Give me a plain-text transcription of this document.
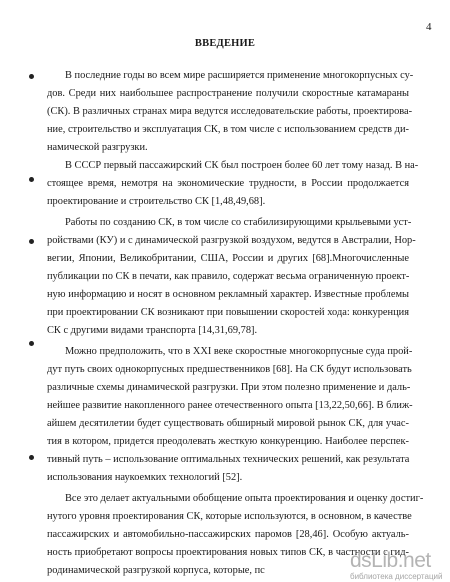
4
ВВЕДЕНИЕ
В последние годы во всем мире расширяется применение многокорпусных су-
дов. Среди них наибольшее распространение получили скоростные катамараны
(СК). В различных странах мира ведутся исследовательские работы, проектирова-
ние, строительство и эксплуатация СК, в том числе с использованием средств ди-
намической разгрузки.
В СССР первый пассажирский СК был построен более 60 лет тому назад. В на-
стоящее время, немотря на экономические трудности, в России продолжается
проектирование и строительство СК [1,48,49,68].
Работы по созданию СК, в том числе со стабилизирующими крыльевыми уст-
ройствами (КУ) и с динамической разгрузкой воздухом, ведутся в Австралии, Нор-
вегии, Японии, Великобритании, США, России и других [68].Многочисленные
публикации по СК в печати, как правило, содержат весьма ограниченную проект-
ную информацию и носят в основном рекламный характер. Известные проблемы
при проектировании СК возникают при повышении скоростей хода: конкуренция
СК с другими видами транспорта [14,31,69,78].
Можно предположить, что в XXI веке скоростные многокорпусные суда прой-
дут путь своих однокорпусных предшественников [68]. На СК будут использовать
различные схемы динамической разгрузки. При этом полезно применение и даль-
нейшее развитие накопленного ранее отечественного опыта [13,22,50,66]. В ближ-
айшем десятилетии будет существовать обширный мировой рынок СК, для учас-
тия в котором, придется преодолевать жесткую конкуренцию. Наиболее перспек-
тивный путь – использование оптимальных технических решений, как результата
использования наукоемких технологий [52].
Все это делает актуальными обобщение опыта проектирования и оценку достиг-
нутого уровня проектирования СК, которые используются, в основном, в качестве
пассажирских и автомобильно-пассажирских паромов [28,46]. Особую актуаль-
ность приобретают вопросы проектирования новых типов СК, в частности с гид-
родинамической разгрузкой корпуса, которые, пс	dsLib.net
библиотека диссертаций
